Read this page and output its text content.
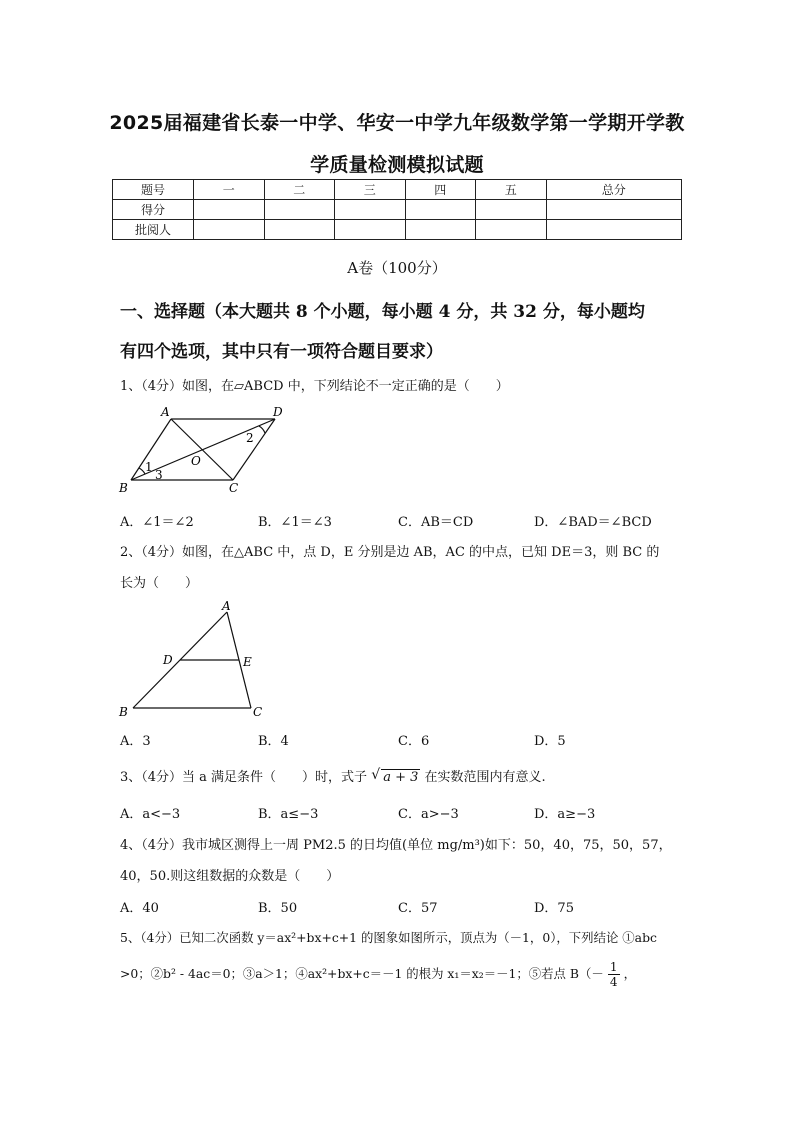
2025届福建省长泰一中学、华安一中学九年级数学第一学期开学教
学质量检测模拟试题
题号	一	二	三	四	五	总分
得分						
批阅人						
A卷（100分）
一、选择题（本大题共 8 个小题，每小题 4 分，共 32 分，每小题均
有四个选项，其中只有一项符合题目要求）
1、（4分）如图，在▱ABCD 中，下列结论不一定正确的是（　　）
A	D
B	C
O
1
2
3
A．∠1＝∠2	B．∠1＝∠3	C．AB＝CD	D．∠BAD＝∠BCD
2、（4分）如图，在△ABC 中，点 D，E 分别是边 AB，AC 的中点，已知 DE＝3，则 BC 的
长为（　　）
A
B	C
D	E
A．3	B．4	C．6	D．5
3、（4分）当 a 满足条件（　　）时，式子 √ a + 3 在实数范围内有意义.
A．a<−3	B．a≤−3	C．a>−3	D．a≥−3
4、（4分）我市城区测得上一周 PM2.5 的日均值(单位 mg/m³)如下：50，40，75，50，57，
40，50.则这组数据的众数是（　　）
A．40	B．50	C．57	D．75
5、（4分）已知二次函数 y＝ax²+bx+c+1 的图象如图所示，顶点为（－1，0），下列结论 ①abc
>0；②b² - 4ac＝0；③a＞1；④ax²+bx+c＝－1 的根为 x₁＝x₂＝－1；⑤若点 $B(- \frac{1}{4}$ ，
